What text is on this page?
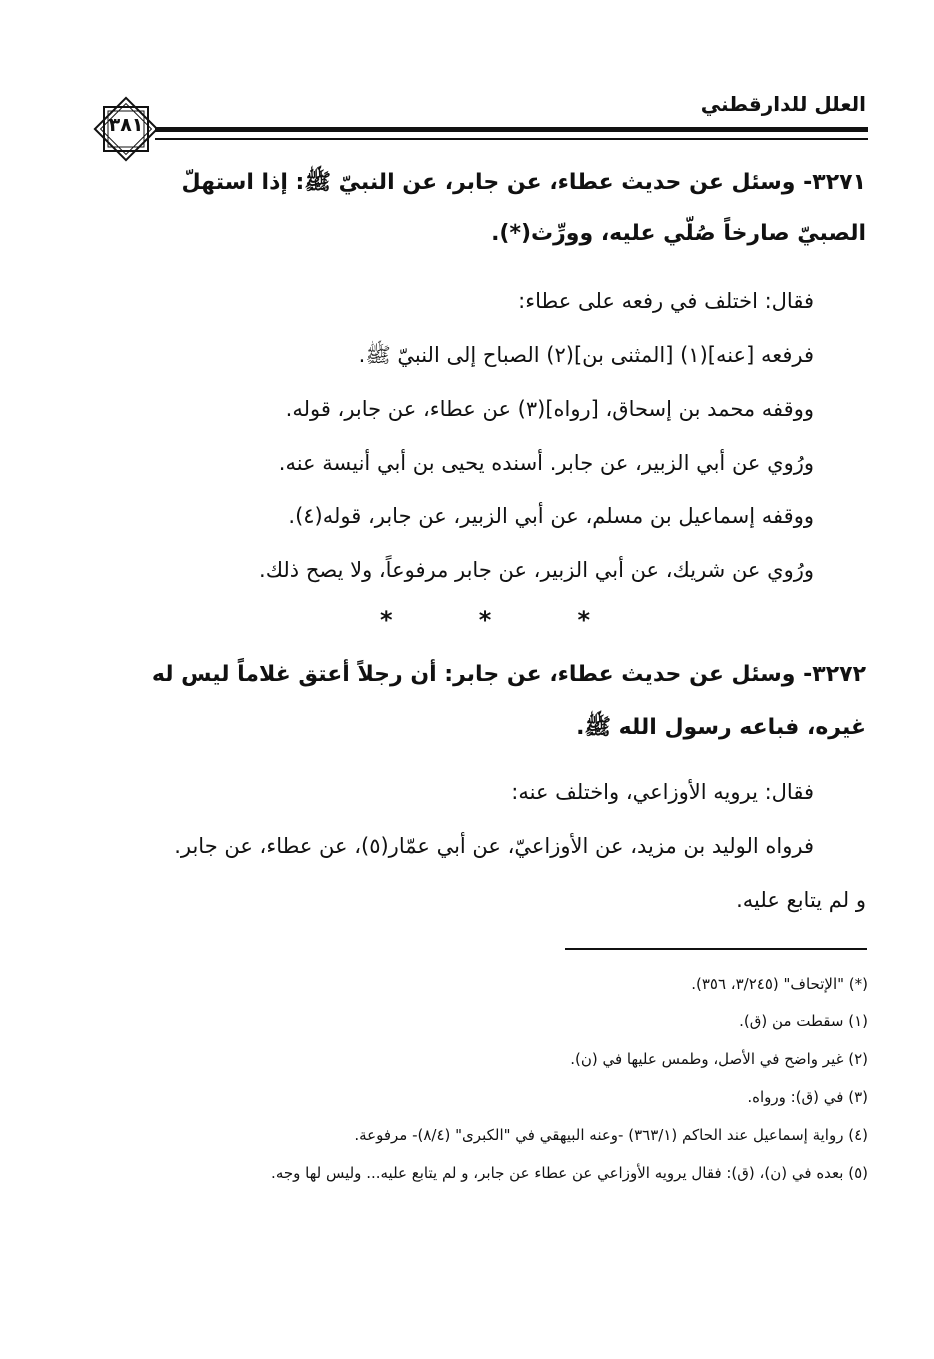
العلل للدارقطني
٣٨١
٣٢٧١- وسئل عن حديث عطاء، عن جابر، عن النبيّ ﷺ: إذا استهلّ
الصبيّ صارخاً صُلّي عليه، وورِّث(*).
فقال: اختلف في رفعه على عطاء:
فرفعه [عنه](١) [المثنى بن](٢) الصباح إلى النبيّ ﷺ.
ووقفه محمد بن إسحاق، [رواه](٣) عن عطاء، عن جابر، قوله.
ورُوي عن أبي الزبير، عن جابر. أسنده يحيى بن أبي أنيسة عنه.
ووقفه إسماعيل بن مسلم، عن أبي الزبير، عن جابر، قوله(٤).
ورُوي عن شريك، عن أبي الزبير، عن جابر مرفوعاً، ولا يصح ذلك.
*	*	*
٣٢٧٢- وسئل عن حديث عطاء، عن جابر: أن رجلاً أعتق غلاماً ليس له
غيره، فباعه رسول الله ﷺ.
فقال: يرويه الأوزاعي، واختلف عنه:
فرواه الوليد بن مزيد، عن الأوزاعيّ، عن أبي عمّار(٥)، عن عطاء، عن جابر.
و لم يتابع عليه.
(*) "الإتحاف" (٣/٢٤٥، ٣٥٦).
(١) سقطت من (ق).
(٢) غير واضح في الأصل، وطمس عليها في (ن).
(٣) في (ق): ورواه.
(٤) رواية إسماعيل عند الحاكم (٣٦٣/١) -وعنه البيهقي في "الكبرى" (٨/٤)- مرفوعة.
(٥) بعده في (ن)، (ق): فقال يرويه الأوزاعي عن عطاء عن جابر، و لم يتابع عليه... وليس لها وجه.
